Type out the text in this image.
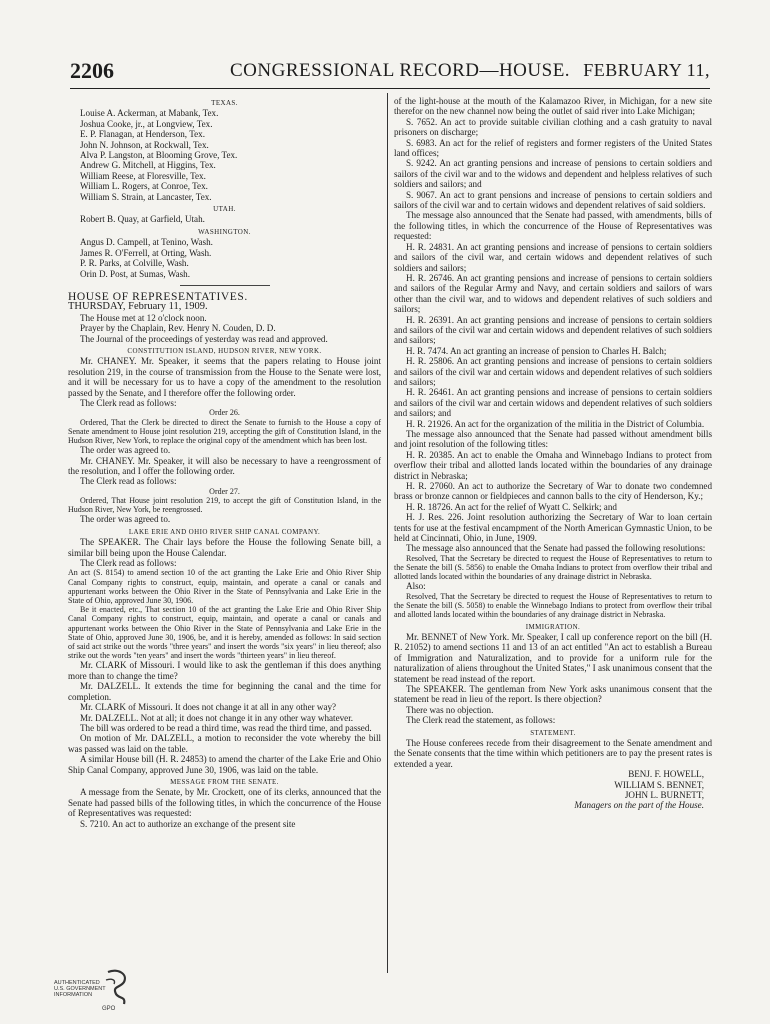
2206	CONGRESSIONAL RECORD—HOUSE. FEBRUARY 11,

TEXAS.

Louise A. Ackerman, at Mabank, Tex.

Joshua Cooke, jr., at Longview, Tex.

E. P. Flanagan, at Henderson, Tex.

John N. Johnson, at Rockwall, Tex.

Alva P. Langston, at Blooming Grove, Tex.

Andrew G. Mitchell, at Higgins, Tex.

William Reese, at Floresville, Tex.

William L. Rogers, at Conroe, Tex.

William S. Strain, at Lancaster, Tex.

UTAH.

Robert B. Quay, at Garfield, Utah.

WASHINGTON.

Angus D. Campell, at Tenino, Wash.

James R. O'Ferrell, at Orting, Wash.

P. R. Parks, at Colville, Wash.

Orin D. Post, at Sumas, Wash.

HOUSE OF REPRESENTATIVES.

THURSDAY, February 11, 1909.

The House met at 12 o'clock noon.

Prayer by the Chaplain, Rev. Henry N. Couden, D. D.

The Journal of the proceedings of yesterday was read and approved.

CONSTITUTION ISLAND, HUDSON RIVER, NEW YORK.

Mr. CHANEY. Mr. Speaker, it seems that the papers relating to House joint resolution 219, in the course of transmission from the House to the Senate were lost, and it will be necessary for us to have a copy of the amendment to the resolution passed by the Senate, and I therefore offer the following order.

The Clerk read as follows:

Order 26.

Ordered, That the Clerk be directed to direct the Senate to furnish to the House a copy of Senate amendment to House joint resolution 219, accepting the gift of Constitution Island, in the Hudson River, New York, to replace the original copy of the amendment which has been lost.

The order was agreed to.

Mr. CHANEY. Mr. Speaker, it will also be necessary to have a reengrossment of the resolution, and I offer the following order.

The Clerk read as follows:

Order 27.

Ordered, That House joint resolution 219, to accept the gift of Constitution Island, in the Hudson River, New York, be reengrossed.

The order was agreed to.

LAKE ERIE AND OHIO RIVER SHIP CANAL COMPANY.

The SPEAKER. The Chair lays before the House the following Senate bill, a similar bill being upon the House Calendar.

The Clerk read as follows:

An act (S. 8154) to amend section 10 of the act granting the Lake Erie and Ohio River Ship Canal Company rights to construct, equip, maintain, and operate a canal or canals and appurtenant works between the Ohio River in the State of Pennsylvania and Lake Erie in the State of Ohio, approved June 30, 1906.

Be it enacted, etc., That section 10 of the act granting the Lake Erie and Ohio River Ship Canal Company rights to construct, equip, maintain, and operate a canal or canals and appurtenant works between the Ohio River in the State of Pennsylvania and Lake Erie in the State of Ohio, approved June 30, 1906, be, and it is hereby, amended as follows: In said section of said act strike out the words "three years" and insert the words "six years" in lieu thereof; also strike out the words "ten years" and insert the words "thirteen years" in lieu thereof.

Mr. CLARK of Missouri. I would like to ask the gentleman if this does anything more than to change the time?

Mr. DALZELL. It extends the time for beginning the canal and the time for completion.

Mr. CLARK of Missouri. It does not change it at all in any other way?

Mr. DALZELL. Not at all; it does not change it in any other way whatever.

The bill was ordered to be read a third time, was read the third time, and passed.

On motion of Mr. DALZELL, a motion to reconsider the vote whereby the bill was passed was laid on the table.

A similar House bill (H. R. 24853) to amend the charter of the Lake Erie and Ohio Ship Canal Company, approved June 30, 1906, was laid on the table.

MESSAGE FROM THE SENATE.

A message from the Senate, by Mr. Crockett, one of its clerks, announced that the Senate had passed bills of the following titles, in which the concurrence of the House of Representatives was requested:

S. 7210. An act to authorize an exchange of the present site

of the light-house at the mouth of the Kalamazoo River, in Michigan, for a new site therefor on the new channel now being the outlet of said river into Lake Michigan;

S. 7652. An act to provide suitable civilian clothing and a cash gratuity to naval prisoners on discharge;

S. 6983. An act for the relief of registers and former registers of the United States land offices;

S. 9242. An act granting pensions and increase of pensions to certain soldiers and sailors of the civil war and to the widows and dependent and helpless relatives of such soldiers and sailors; and

S. 9067. An act to grant pensions and increase of pensions to certain soldiers and sailors of the civil war and to certain widows and dependent relatives of said soldiers.

The message also announced that the Senate had passed, with amendments, bills of the following titles, in which the concurrence of the House of Representatives was requested:

H. R. 24831. An act granting pensions and increase of pensions to certain soldiers and sailors of the civil war, and certain widows and dependent relatives of such soldiers and sailors;

H. R. 26746. An act granting pensions and increase of pensions to certain soldiers and sailors of the Regular Army and Navy, and certain soldiers and sailors of wars other than the civil war, and to widows and dependent relatives of such soldiers and sailors;

H. R. 26391. An act granting pensions and increase of pensions to certain soldiers and sailors of the civil war and certain widows and dependent relatives of such soldiers and sailors;

H. R. 7474. An act granting an increase of pension to Charles H. Balch;

H. R. 25806. An act granting pensions and increase of pensions to certain soldiers and sailors of the civil war and certain widows and dependent relatives of such soldiers and sailors;

H. R. 26461. An act granting pensions and increase of pensions to certain soldiers and sailors of the civil war and certain widows and dependent relatives of such soldiers and sailors; and

H. R. 21926. An act for the organization of the militia in the District of Columbia.

The message also announced that the Senate had passed without amendment bills and joint resolution of the following titles:

H. R. 20385. An act to enable the Omaha and Winnebago Indians to protect from overflow their tribal and allotted lands located within the boundaries of any drainage district in Nebraska;

H. R. 27060. An act to authorize the Secretary of War to donate two condemned brass or bronze cannon or fieldpieces and cannon balls to the city of Henderson, Ky.;

H. R. 18726. An act for the relief of Wyatt C. Selkirk; and

H. J. Res. 226. Joint resolution authorizing the Secretary of War to loan certain tents for use at the festival encampment of the North American Gymnastic Union, to be held at Cincinnati, Ohio, in June, 1909.

The message also announced that the Senate had passed the following resolutions:

Resolved, That the Secretary be directed to request the House of Representatives to return to the Senate the bill (S. 5856) to enable the Omaha Indians to protect from overflow their tribal and allotted lands located within the boundaries of any drainage district in Nebraska.

Also:

Resolved, That the Secretary be directed to request the House of Representatives to return to the Senate the bill (S. 5058) to enable the Winnebago Indians to protect from overflow their tribal and allotted lands located within the boundaries of any drainage district in Nebraska.

IMMIGRATION.

Mr. BENNET of New York. Mr. Speaker, I call up conference report on the bill (H. R. 21052) to amend sections 11 and 13 of an act entitled "An act to establish a Bureau of Immigration and Naturalization, and to provide for a uniform rule for the naturalization of aliens throughout the United States," I ask unanimous consent that the statement be read instead of the report.

The SPEAKER. The gentleman from New York asks unanimous consent that the statement be read in lieu of the report. Is there objection?

There was no objection.

The Clerk read the statement, as follows:

STATEMENT.

The House conferees recede from their disagreement to the Senate amendment and the Senate consents that the time within which petitioners are to pay the present rates is extended a year.

BENJ. F. HOWELL,

WILLIAM S. BENNET,

JOHN L. BURNETT,

Managers on the part of the House.

AUTHENTICATED
U.S. GOVERNMENT
INFORMATION
GPO
